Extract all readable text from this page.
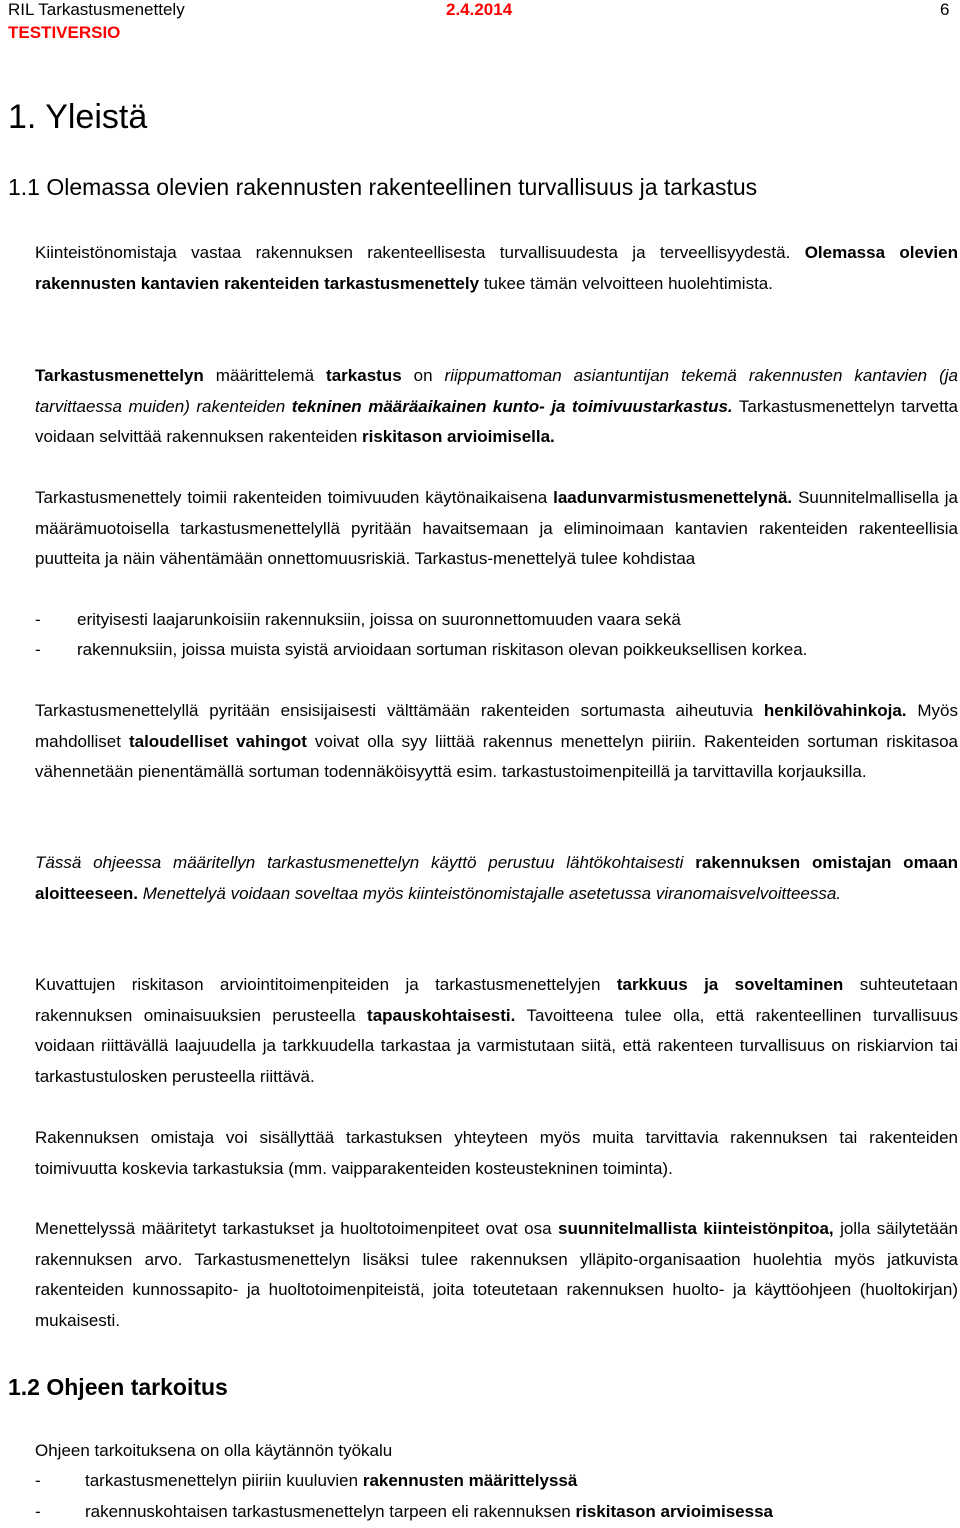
RIL Tarkastusmenettely	2.4.2014	6
TESTIVERSIO
1. Yleistä
1.1 Olemassa olevien rakennusten rakenteellinen turvallisuus ja tarkastus
Kiinteistönomistaja vastaa rakennuksen rakenteellisesta turvallisuudesta ja terveellisyydestä. Olemassa olevien rakennusten kantavien rakenteiden tarkastusmenettely tukee tämän velvoitteen huolehtimista.
Tarkastusmenettelyn määrittelemä tarkastus on riippumattoman asiantuntijan tekemä rakennusten kantavien (ja tarvittaessa muiden) rakenteiden tekninen määräaikainen kunto- ja toimivuustarkastus. Tarkastusmenettelyn tarvetta voidaan selvittää rakennuksen rakenteiden riskitason arvioimisella.
Tarkastusmenettely toimii rakenteiden toimivuuden käytönaikaisena laadunvarmistusmenettelynä. Suunnitelmallisella ja määrämuotoisella tarkastusmenettelyllä pyritään havaitsemaan ja eliminoimaan kantavien rakenteiden rakenteellisia puutteita ja näin vähentämään onnettomuusriskiä. Tarkastus-menettelyä tulee kohdistaa
- erityisesti laajarunkoisiin rakennuksiin, joissa on suuronnettomuuden vaara sekä
- rakennuksiin, joissa muista syistä arvioidaan sortuman riskitason olevan poikkeuksellisen korkea.
Tarkastusmenettelyllä pyritään ensisijaisesti välttämään rakenteiden sortumasta aiheutuvia henkilövahinkoja. Myös mahdolliset taloudelliset vahingot voivat olla syy liittää rakennus menettelyn piiriin. Rakenteiden sortuman riskitasoa vähennetään pienentämällä sortuman todennäköisyyttä esim. tarkastustoimenpiteillä ja tarvittavilla korjauksilla.
Tässä ohjeessa määritellyn tarkastusmenettelyn käyttö perustuu lähtökohtaisesti rakennuksen omistajan omaan aloitteeseen. Menettelyä voidaan soveltaa myös kiinteistönomistajalle asetetussa viranomaisvelvoitteessa.
Kuvattujen riskitason arviointitoimenpiteiden ja tarkastusmenettelyjen tarkkuus ja soveltaminen suhteutetaan rakennuksen ominaisuuksien perusteella tapauskohtaisesti. Tavoitteena tulee olla, että rakenteellinen turvallisuus voidaan riittävällä laajuudella ja tarkkuudella tarkastaa ja varmistutaan siitä, että rakenteen turvallisuus on riskiarvion tai tarkastustulosken perusteella riittävä.
Rakennuksen omistaja voi sisällyttää tarkastuksen yhteyteen myös muita tarvittavia rakennuksen tai rakenteiden toimivuutta koskevia tarkastuksia (mm. vaipparakenteiden kosteustekninen toiminta).
Menettelyssä määritetyt tarkastukset ja huoltotoimenpiteet ovat osa suunnitelmallista kiinteistönpitoa, jolla säilytetään rakennuksen arvo. Tarkastusmenettelyn lisäksi tulee rakennuksen ylläpito-organisaation huolehtia myös jatkuvista rakenteiden kunnossapito- ja huoltotoimenpiteistä, joita toteutetaan rakennuksen huolto- ja käyttöohjeen (huoltokirjan) mukaisesti.
1.2 Ohjeen tarkoitus
Ohjeen tarkoituksena on olla käytännön työkalu
-	tarkastusmenettelyn piiriin kuuluvien rakennusten määrittelyssä
-	rakennuskohtaisen tarkastusmenettelyn tarpeen eli rakennuksen riskitason arvioimisessa
